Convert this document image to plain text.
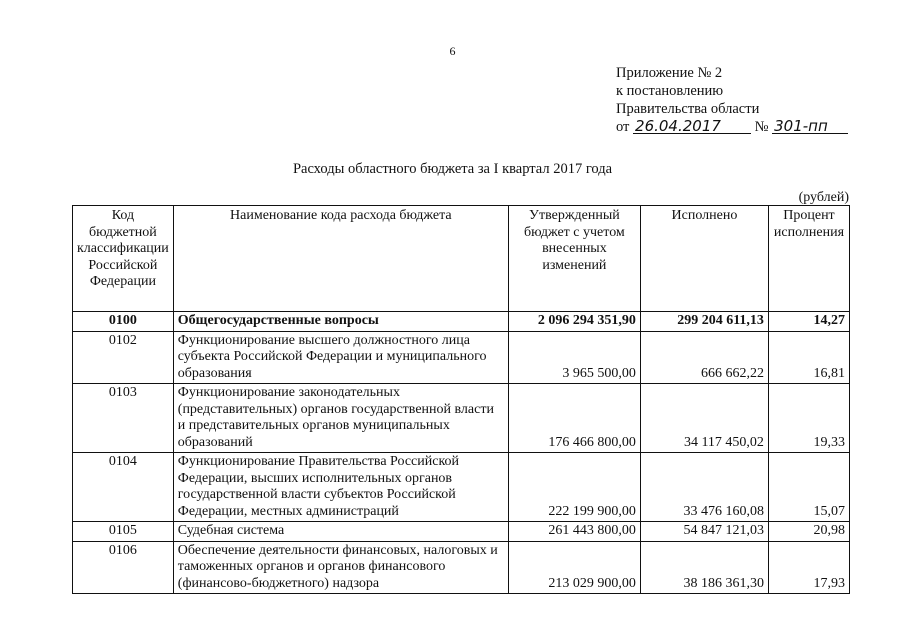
6
Приложение № 2
к постановлению
Правительства области
от 26.04.2017 № 301-пп
Расходы областного бюджета за I квартал 2017 года
(рублей)
Код бюджетной классификации Российской Федерации	Наименование кода расхода бюджета	Утвержденный бюджет с учетом внесенных изменений	Исполнено	Процент исполнения
0100	Общегосударственные вопросы	2 096 294 351,90	299 204 611,13	14,27
0102	Функционирование высшего должностного лица субъекта Российской Федерации и муниципального образования	3 965 500,00	666 662,22	16,81
0103	Функционирование законодательных (представительных) органов государственной власти и представительных органов муниципальных образований	176 466 800,00	34 117 450,02	19,33
0104	Функционирование Правительства Российской Федерации, высших исполнительных органов государственной власти субъектов Российской Федерации, местных администраций	222 199 900,00	33 476 160,08	15,07
0105	Судебная система	261 443 800,00	54 847 121,03	20,98
0106	Обеспечение деятельности финансовых, налоговых и таможенных органов и органов финансового (финансово-бюджетного) надзора	213 029 900,00	38 186 361,30	17,93
